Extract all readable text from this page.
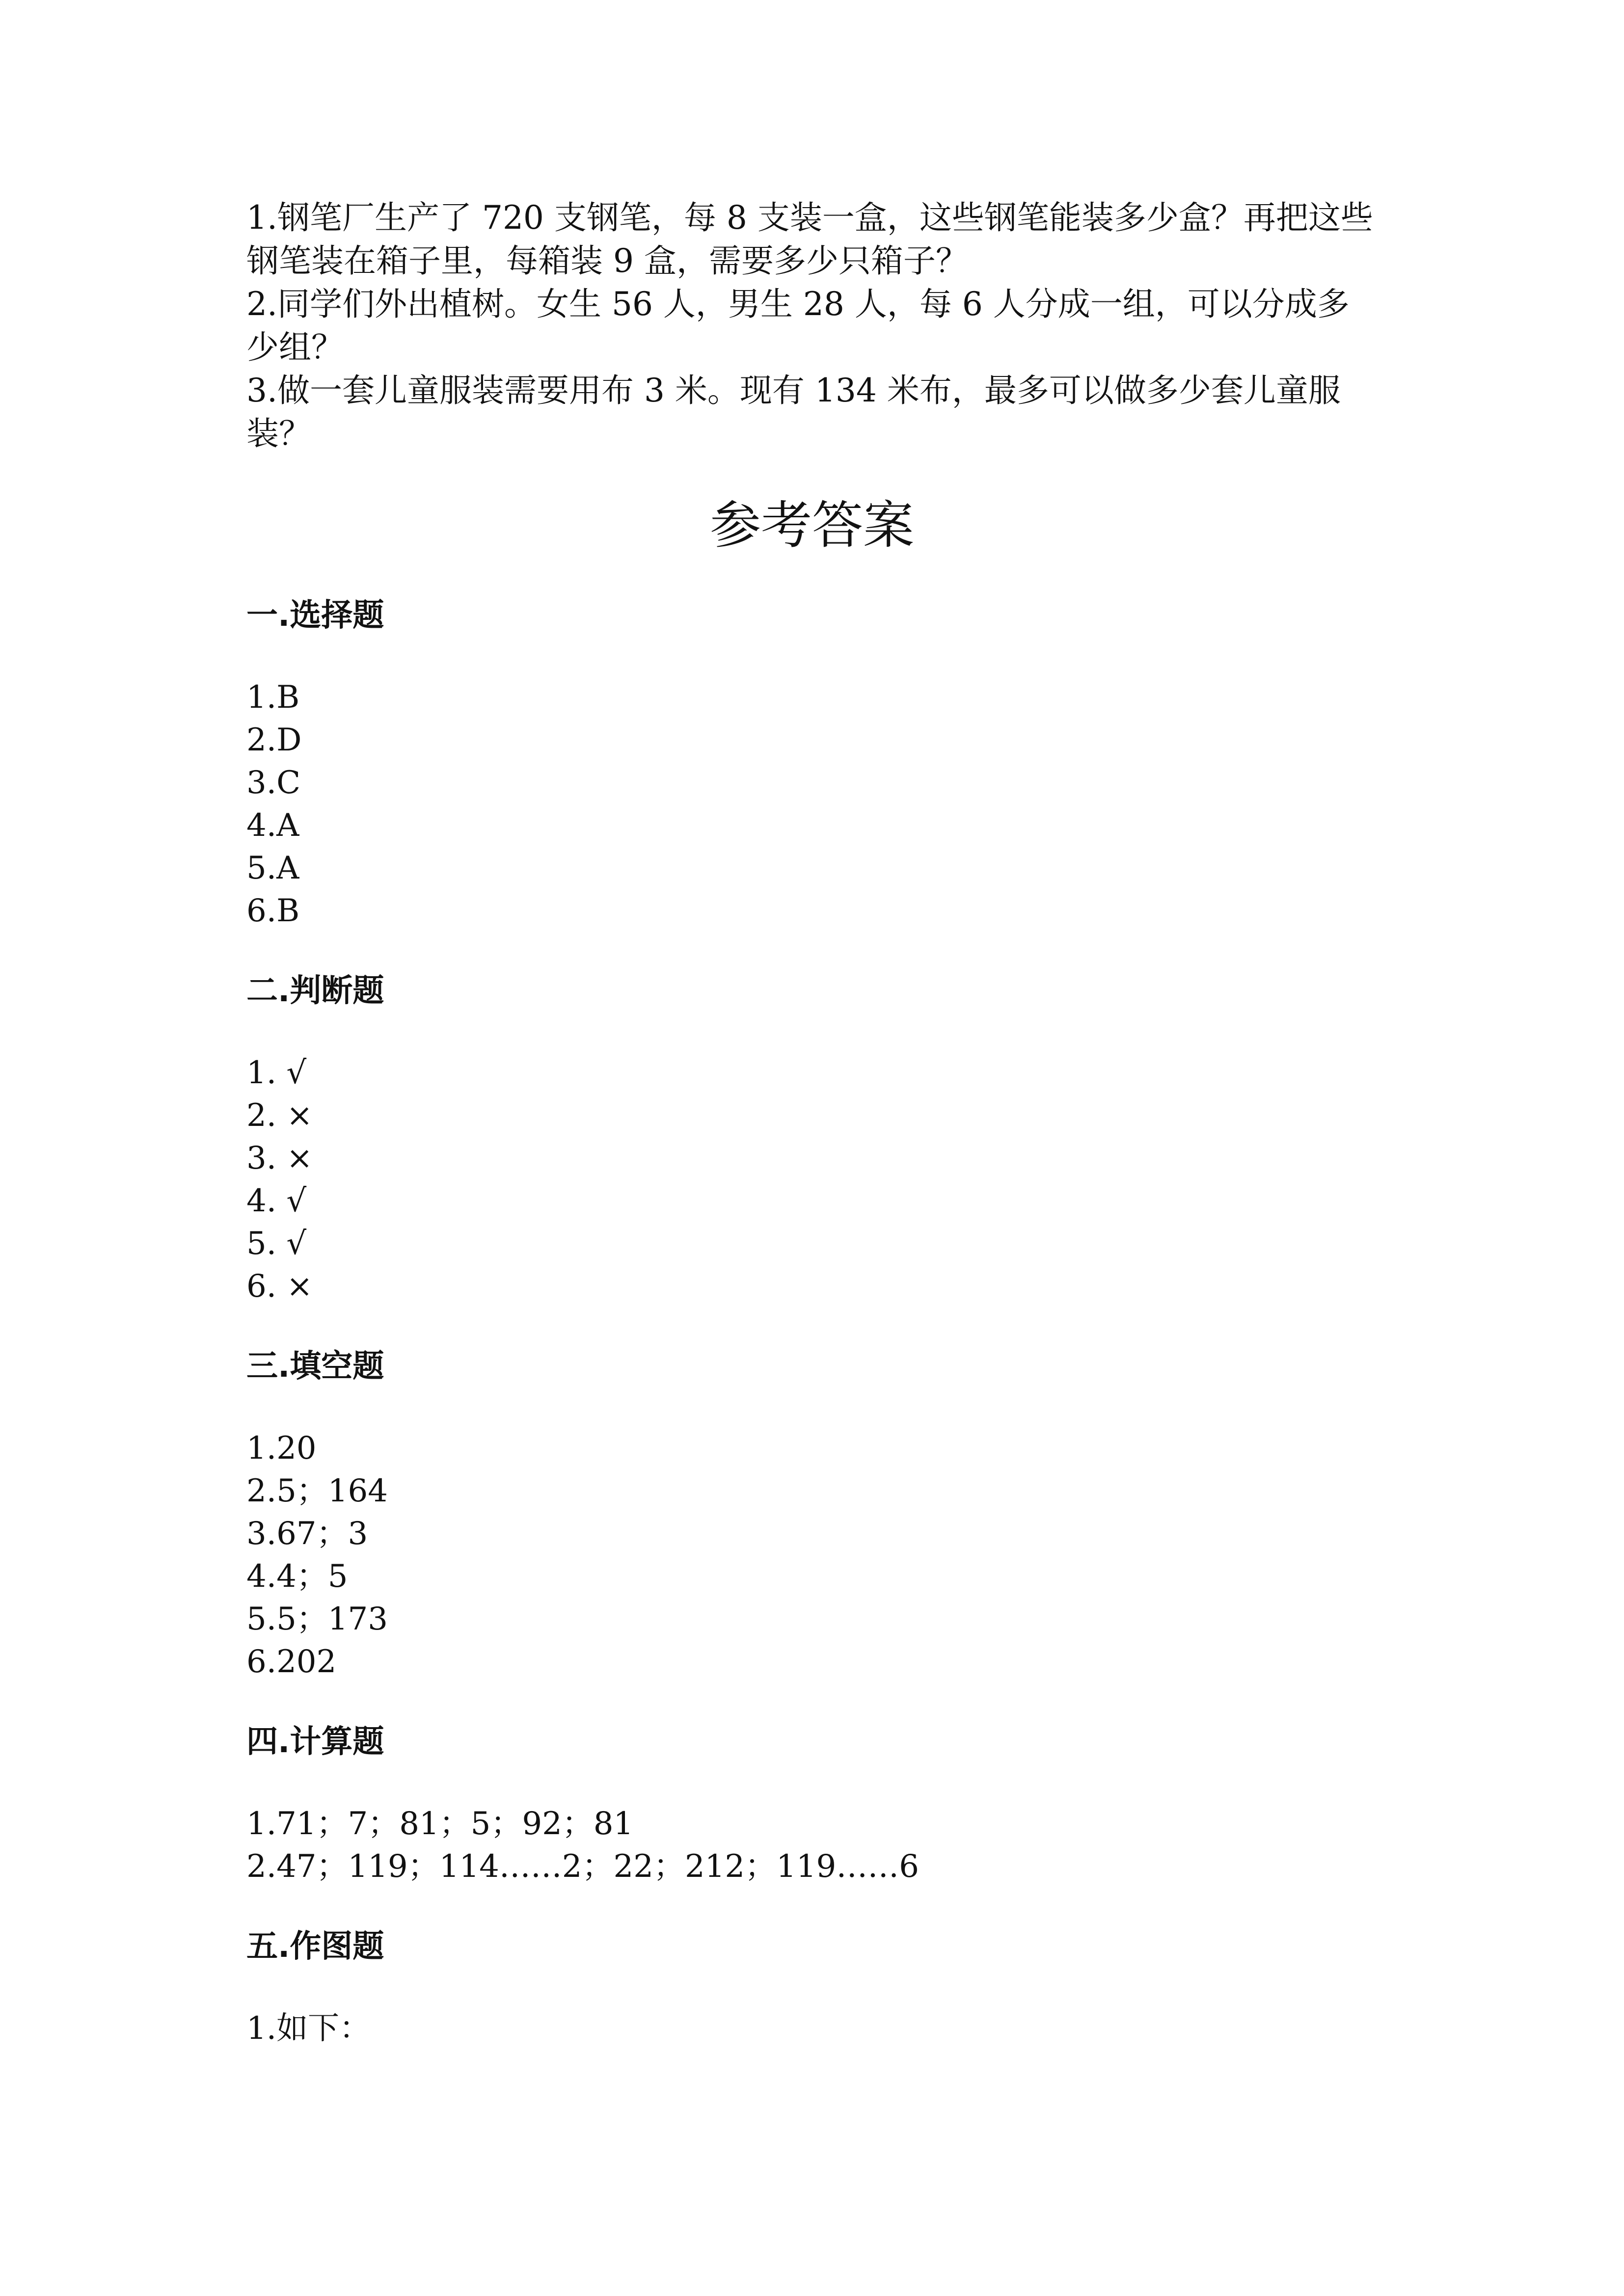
1.钢笔厂生产了 720 支钢笔，每 8 支装一盒，这些钢笔能装多少盒？再把这些钢笔装在箱子里，每箱装 9 盒，需要多少只箱子？

2.同学们外出植树。女生 56 人，男生 28 人，每 6 人分成一组，可以分成多少组？

3.做一套儿童服装需要用布 3 米。现有 134 米布，最多可以做多少套儿童服装？

参考答案

一.选择题

1.B

2.D

3.C

4.A

5.A

6.B

二.判断题

1. √

2. ×

3. ×

4. √

5. √

6. ×

三.填空题

1.20

2.5；164

3.67；3

4.4；5

5.5；173

6.202

四.计算题

1.71；7；81；5；92；81

2.47；119；114……2；22；212；119……6

五.作图题

1.如下：
